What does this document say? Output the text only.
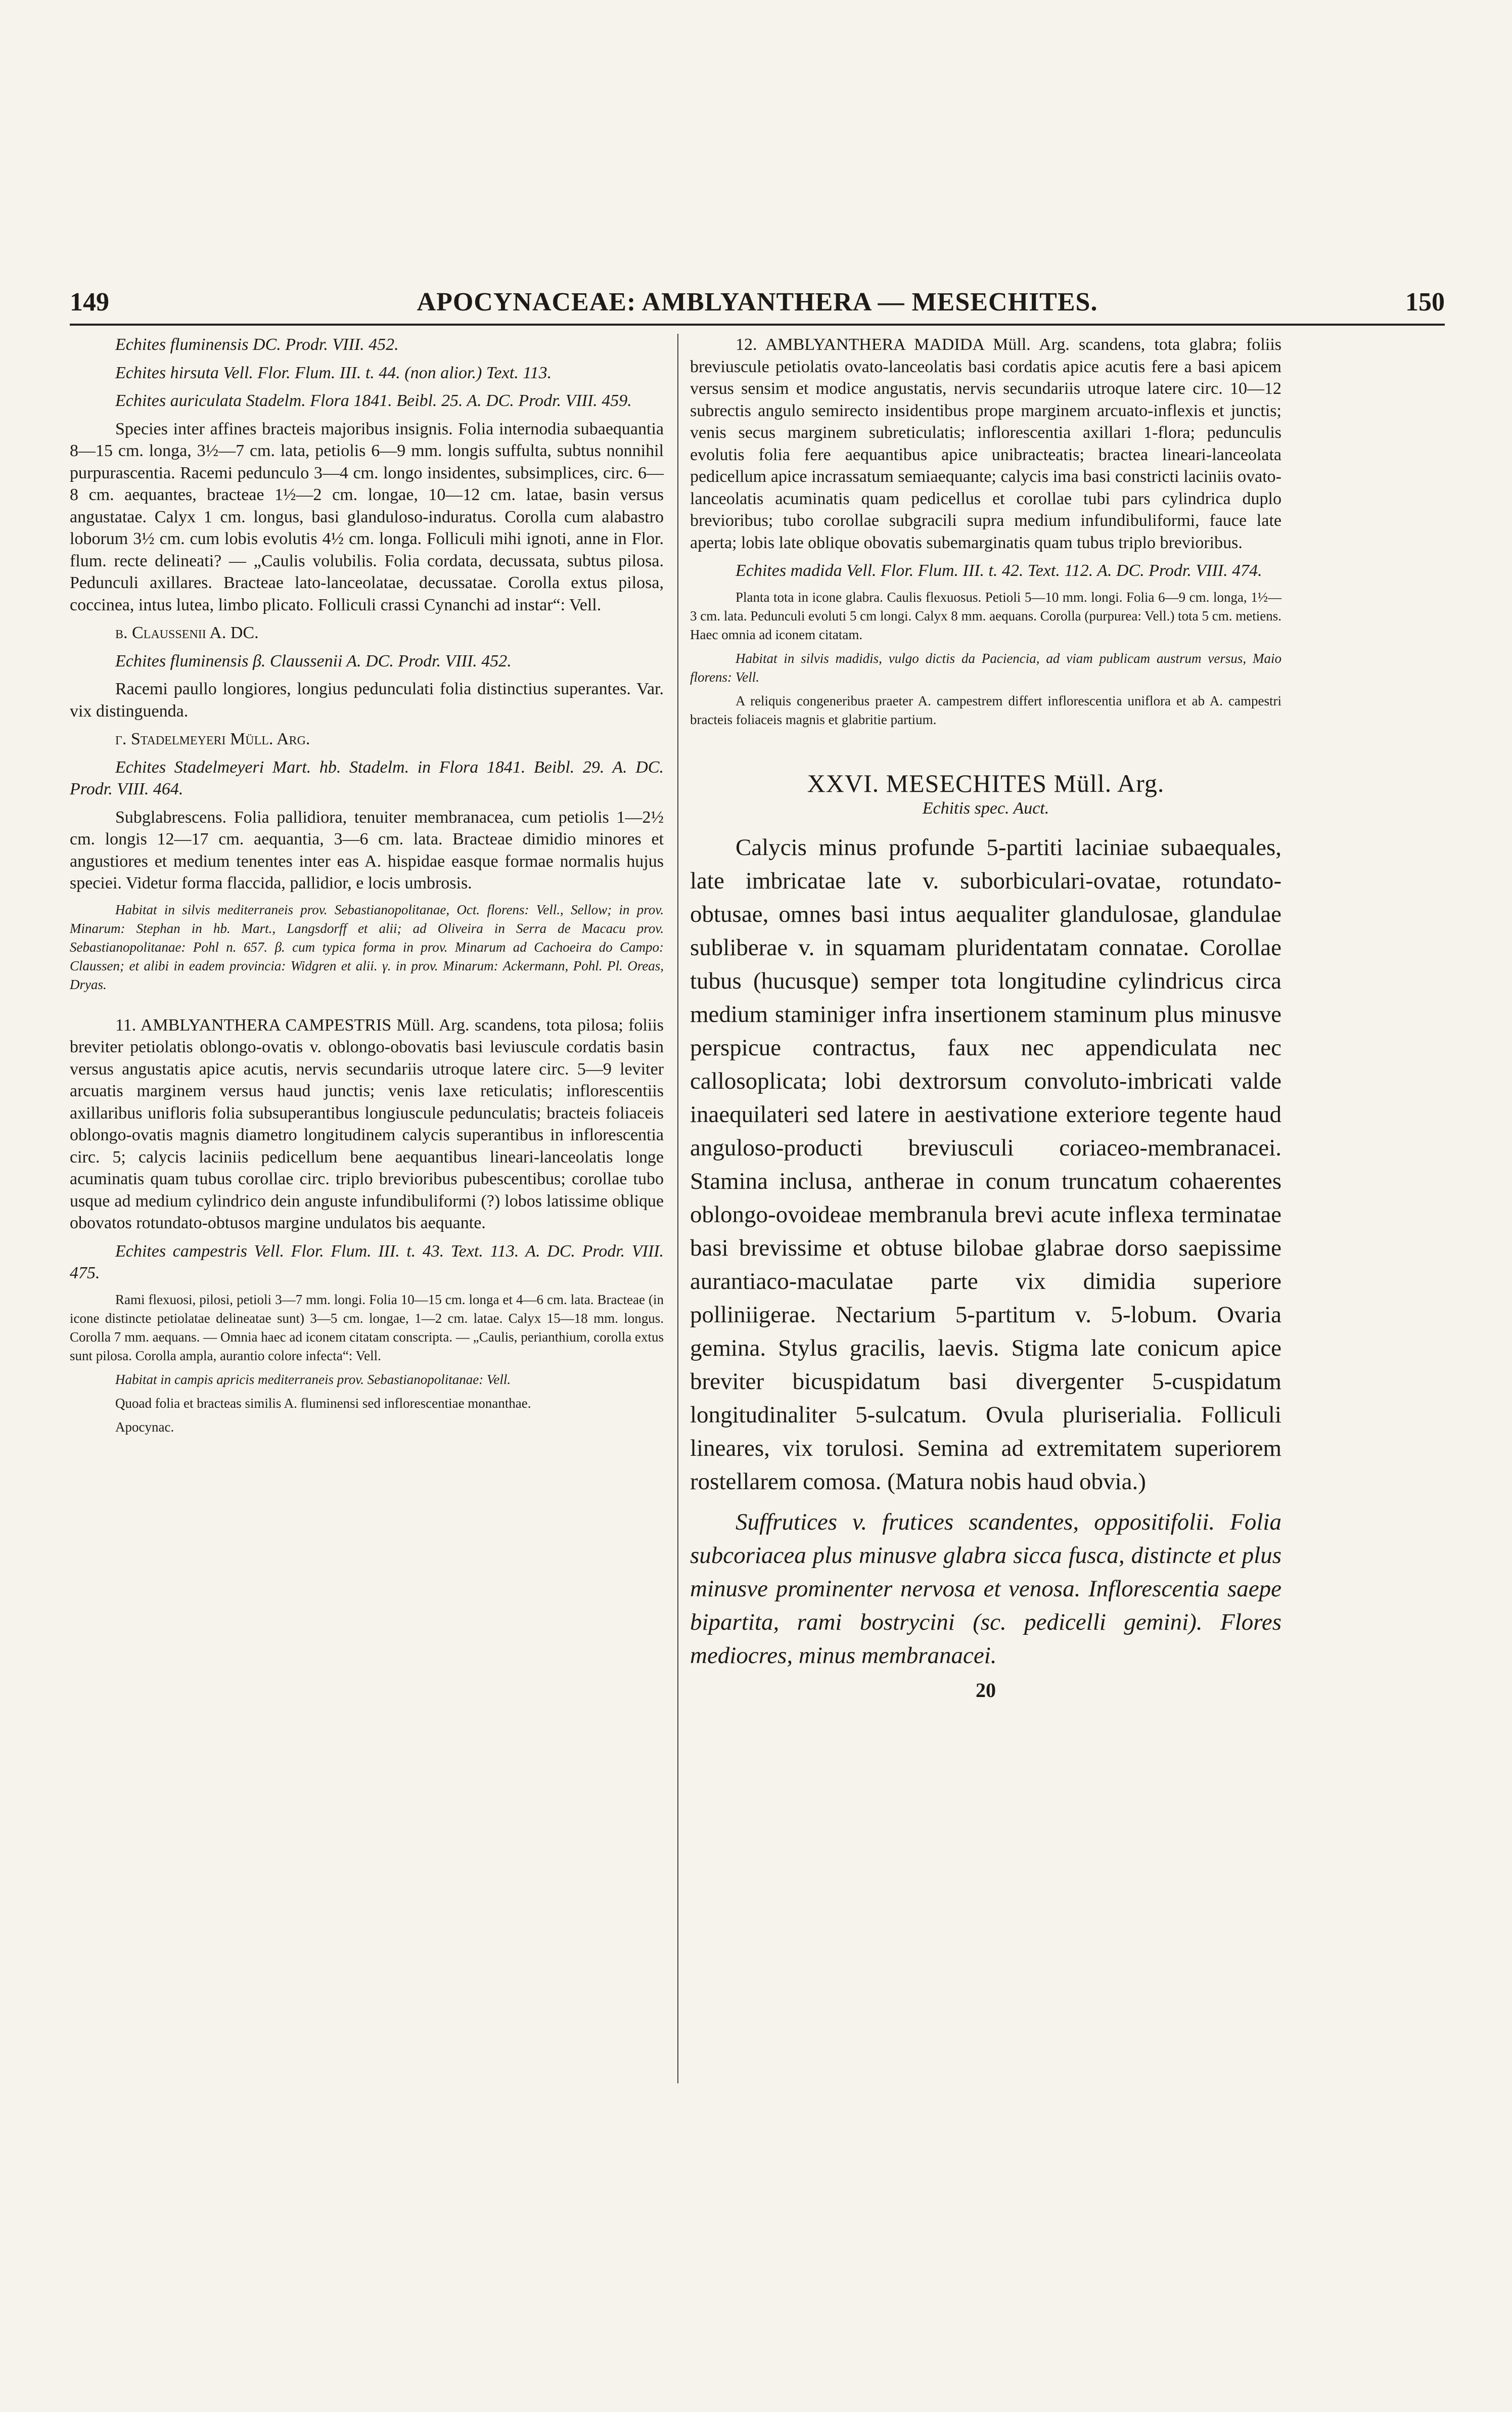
149	APOCYNACEAE: AMBLYANTHERA — MESECHITES.	150

Echites fluminensis DC. Prodr. VIII. 452.

Echites hirsuta Vell. Flor. Flum. III. t. 44. (non alior.) Text. 113.

Echites auriculata Stadelm. Flora 1841. Beibl. 25. A. DC. Prodr. VIII. 459.

Species inter affines bracteis majoribus insignis. Folia internodia subaequantia 8—15 cm. longa, 3½—7 cm. lata, petiolis 6—9 mm. longis suffulta, subtus nonnihil purpurascentia. Racemi pedunculo 3—4 cm. longo insidentes, subsimplices, circ. 6—8 cm. aequantes, bracteae 1½—2 cm. longae, 10—12 cm. latae, basin versus angustatae. Calyx 1 cm. longus, basi glanduloso-induratus. Corolla cum alabastro loborum 3½ cm. cum lobis evolutis 4½ cm. longa. Folliculi mihi ignoti, anne in Flor. flum. recte delineati? — „Caulis volubilis. Folia cordata, decussata, subtus pilosa. Pedunculi axillares. Bracteae lato-lanceolatae, decussatae. Corolla extus pilosa, coccinea, intus lutea, limbo plicato. Folliculi crassi Cynanchi ad instar“: Vell.

β. Claussenii A. DC.

Echites fluminensis β. Claussenii A. DC. Prodr. VIII. 452.

Racemi paullo longiores, longius pedunculati folia distinctius superantes. Var. vix distinguenda.

γ. Stadelmeyeri Müll. Arg.

Echites Stadelmeyeri Mart. hb. Stadelm. in Flora 1841. Beibl. 29. A. DC. Prodr. VIII. 464.

Subglabrescens. Folia pallidiora, tenuiter membranacea, cum petiolis 1—2½ cm. longis 12—17 cm. aequantia, 3—6 cm. lata. Bracteae dimidio minores et angustiores et medium tenentes inter eas A. hispidae easque formae normalis hujus speciei. Videtur forma flaccida, pallidior, e locis umbrosis.

Habitat in silvis mediterraneis prov. Sebastianopolitanae, Oct. florens: Vell., Sellow; in prov. Minarum: Stephan in hb. Mart., Langsdorff et alii; ad Oliveira in Serra de Macacu prov. Sebastianopolitanae: Pohl n. 657. β. cum typica forma in prov. Minarum ad Cachoeira do Campo: Claussen; et alibi in eadem provincia: Widgren et alii. γ. in prov. Minarum: Ackermann, Pohl. Pl. Oreas, Dryas.

11. AMBLYANTHERA CAMPESTRIS Müll. Arg. scandens, tota pilosa; foliis breviter petiolatis oblongo-ovatis v. oblongo-obovatis basi leviuscule cordatis basin versus angustatis apice acutis, nervis secundariis utroque latere circ. 5—9 leviter arcuatis marginem versus haud junctis; venis laxe reticulatis; inflorescentiis axillaribus unifloris folia subsuperantibus longiuscule pedunculatis; bracteis foliaceis oblongo-ovatis magnis diametro longitudinem calycis superantibus in inflorescentia circ. 5; calycis laciniis pedicellum bene aequantibus lineari-lanceolatis longe acuminatis quam tubus corollae circ. triplo brevioribus pubescentibus; corollae tubo usque ad medium cylindrico dein anguste infundibuliformi (?) lobos latissime oblique obovatos rotundato-obtusos margine undulatos bis aequante.

Echites campestris Vell. Flor. Flum. III. t. 43. Text. 113. A. DC. Prodr. VIII. 475.

Rami flexuosi, pilosi, petioli 3—7 mm. longi. Folia 10—15 cm. longa et 4—6 cm. lata. Bracteae (in icone distincte petiolatae delineatae sunt) 3—5 cm. longae, 1—2 cm. latae. Calyx 15—18 mm. longus. Corolla 7 mm. aequans. — Omnia haec ad iconem citatam conscripta. — „Caulis, perianthium, corolla extus sunt pilosa. Corolla ampla, aurantio colore infecta“: Vell.

Habitat in campis apricis mediterraneis prov. Sebastianopolitanae: Vell.

Quoad folia et bracteas similis A. fluminensi sed inflorescentiae monanthae.

Apocynac.

12. AMBLYANTHERA MADIDA Müll. Arg. scandens, tota glabra; foliis breviuscule petiolatis ovato-lanceolatis basi cordatis apice acutis fere a basi apicem versus sensim et modice angustatis, nervis secundariis utroque latere circ. 10—12 subrectis angulo semirecto insidentibus prope marginem arcuato-inflexis et junctis; venis secus marginem subreticulatis; inflorescentia axillari 1-flora; pedunculis evolutis folia fere aequantibus apice unibracteatis; bractea lineari-lanceolata pedicellum apice incrassatum semiaequante; calycis ima basi constricti laciniis ovato-lanceolatis acuminatis quam pedicellus et corollae tubi pars cylindrica duplo brevioribus; tubo corollae subgracili supra medium infundibuliformi, fauce late aperta; lobis late oblique obovatis subemarginatis quam tubus triplo brevioribus.

Echites madida Vell. Flor. Flum. III. t. 42. Text. 112. A. DC. Prodr. VIII. 474.

Planta tota in icone glabra. Caulis flexuosus. Petioli 5—10 mm. longi. Folia 6—9 cm. longa, 1½—3 cm. lata. Pedunculi evoluti 5 cm longi. Calyx 8 mm. aequans. Corolla (purpurea: Vell.) tota 5 cm. metiens. Haec omnia ad iconem citatam.

Habitat in silvis madidis, vulgo dictis da Paciencia, ad viam publicam austrum versus, Maio florens: Vell.

A reliquis congeneribus praeter A. campestrem differt inflorescentia uniflora et ab A. campestri bracteis foliaceis magnis et glabritie partium.

XXVI. MESECHITES Müll. Arg.
Echitis spec. Auct.

Calycis minus profunde 5-partiti laciniae subaequales, late imbricatae late v. suborbiculari-ovatae, rotundato-obtusae, omnes basi intus aequaliter glandulosae, glandulae subliberae v. in squamam pluridentatam connatae. Corollae tubus (hucusque) semper tota longitudine cylindricus circa medium staminiger infra insertionem staminum plus minusve perspicue contractus, faux nec appendiculata nec callosoplicata; lobi dextrorsum convoluto-imbricati valde inaequilateri sed latere in aestivatione exteriore tegente haud anguloso-producti breviusculi coriaceo-membranacei. Stamina inclusa, antherae in conum truncatum cohaerentes oblongo-ovoideae membranula brevi acute inflexa terminatae basi brevissime et obtuse bilobae glabrae dorso saepissime aurantiaco-maculatae parte vix dimidia superiore polliniigerae. Nectarium 5-partitum v. 5-lobum. Ovaria gemina. Stylus gracilis, laevis. Stigma late conicum apice breviter bicuspidatum basi divergenter 5-cuspidatum longitudinaliter 5-sulcatum. Ovula pluriserialia. Folliculi lineares, vix torulosi. Semina ad extremitatem superiorem rostellarem comosa. (Matura nobis haud obvia.)

Suffrutices v. frutices scandentes, oppositifolii. Folia subcoriacea plus minusve glabra sicca fusca, distincte et plus minusve prominenter nervosa et venosa. Inflorescentia saepe bipartita, rami bostrycini (sc. pedicelli gemini). Flores mediocres, minus membranacei.

20
